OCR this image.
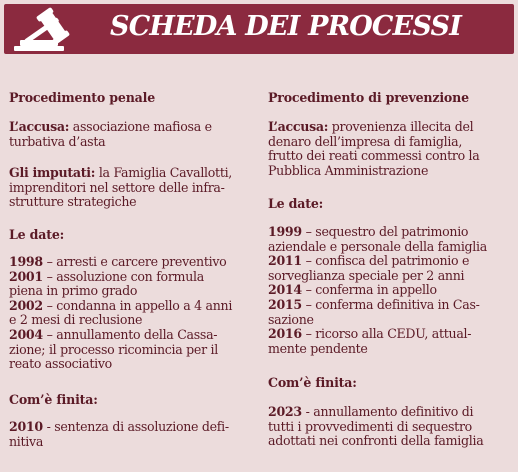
SCHEDA DEI PROCESSI
Procedimento penale
L’accusa: associazione mafiosa e
turbativa d’asta
Gli imputati: la Famiglia Cavallotti,
imprenditori nel settore delle infra-
strutture strategiche
Le date:
1998 – arresti e carcere preventivo
2001 – assoluzione con formula
piena in primo grado
2002 – condanna in appello a 4 anni
e 2 mesi di reclusione
2004 – annullamento della Cassa-
zione; il processo ricomincia per il
reato associativo
Com’è finita:
2010 - sentenza di assoluzione defi-
nitiva
Procedimento di prevenzione
L’accusa: provenienza illecita del
denaro dell’impresa di famiglia,
frutto dei reati commessi contro la
Pubblica Amministrazione
Le date:
1999 – sequestro del patrimonio
aziendale e personale della famiglia
2011 – confisca del patrimonio e
sorveglianza speciale per 2 anni
2014 – conferma in appello
2015 – conferma definitiva in Cas-
sazione
2016 – ricorso alla CEDU, attual-
mente pendente
Com’è finita:
2023 - annullamento definitivo di
tutti i provvedimenti di sequestro
adottati nei confronti della famiglia
